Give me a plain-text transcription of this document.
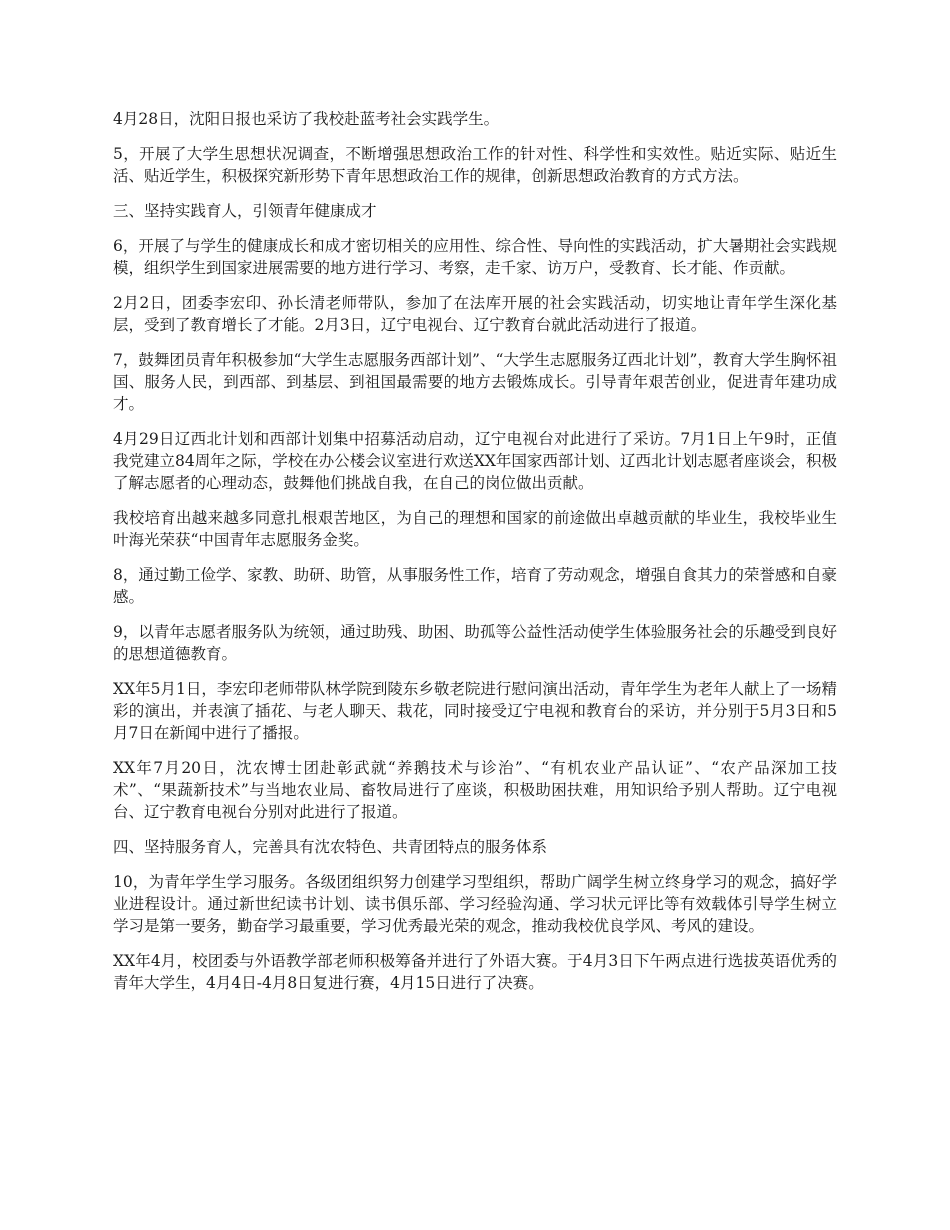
4月28日，沈阳日报也采访了我校赴蓝考社会实践学生。

5，开展了大学生思想状况调查，不断增强思想政治工作的针对性、科学性和实效性。贴近实际、贴近生活、贴近学生，积极探究新形势下青年思想政治工作的规律，创新思想政治教育的方式方法。

三、坚持实践育人，引领青年健康成才

6，开展了与学生的健康成长和成才密切相关的应用性、综合性、导向性的实践活动，扩大暑期社会实践规模，组织学生到国家进展需要的地方进行学习、考察，走千家、访万户，受教育、长才能、作贡献。

2月2日，团委李宏印、孙长清老师带队，参加了在法库开展的社会实践活动，切实地让青年学生深化基层，受到了教育增长了才能。2月3日，辽宁电视台、辽宁教育台就此活动进行了报道。

7，鼓舞团员青年积极参加“大学生志愿服务西部计划”、“大学生志愿服务辽西北计划”，教育大学生胸怀祖国、服务人民，到西部、到基层、到祖国最需要的地方去锻炼成长。引导青年艰苦创业，促进青年建功成才。

4月29日辽西北计划和西部计划集中招募活动启动，辽宁电视台对此进行了采访。7月1日上午9时，正值我党建立84周年之际，学校在办公楼会议室进行欢送XX年国家西部计划、辽西北计划志愿者座谈会，积极了解志愿者的心理动态，鼓舞他们挑战自我，在自己的岗位做出贡献。

我校培育出越来越多同意扎根艰苦地区，为自己的理想和国家的前途做出卓越贡献的毕业生，我校毕业生叶海光荣获“中国青年志愿服务金奖。

8，通过勤工俭学、家教、助研、助管，从事服务性工作，培育了劳动观念，增强自食其力的荣誉感和自豪感。

9，以青年志愿者服务队为统领，通过助残、助困、助孤等公益性活动使学生体验服务社会的乐趣受到良好的思想道德教育。

XX年5月1日，李宏印老师带队林学院到陵东乡敬老院进行慰问演出活动，青年学生为老年人献上了一场精彩的演出，并表演了插花、与老人聊天、栽花，同时接受辽宁电视和教育台的采访，并分别于5月3日和5月7日在新闻中进行了播报。

XX年7月20日，沈农博士团赴彰武就“养鹅技术与诊治”、“有机农业产品认证”、“农产品深加工技术”、“果蔬新技术”与当地农业局、畜牧局进行了座谈，积极助困扶难，用知识给予别人帮助。辽宁电视台、辽宁教育电视台分别对此进行了报道。

四、坚持服务育人，完善具有沈农特色、共青团特点的服务体系

10，为青年学生学习服务。各级团组织努力创建学习型组织，帮助广阔学生树立终身学习的观念，搞好学业进程设计。通过新世纪读书计划、读书俱乐部、学习经验沟通、学习状元评比等有效载体引导学生树立学习是第一要务，勤奋学习最重要，学习优秀最光荣的观念，推动我校优良学风、考风的建设。

XX年4月，校团委与外语教学部老师积极筹备并进行了外语大赛。于4月3日下午两点进行选拔英语优秀的青年大学生，4月4日-4月8日复进行赛，4月15日进行了决赛。
